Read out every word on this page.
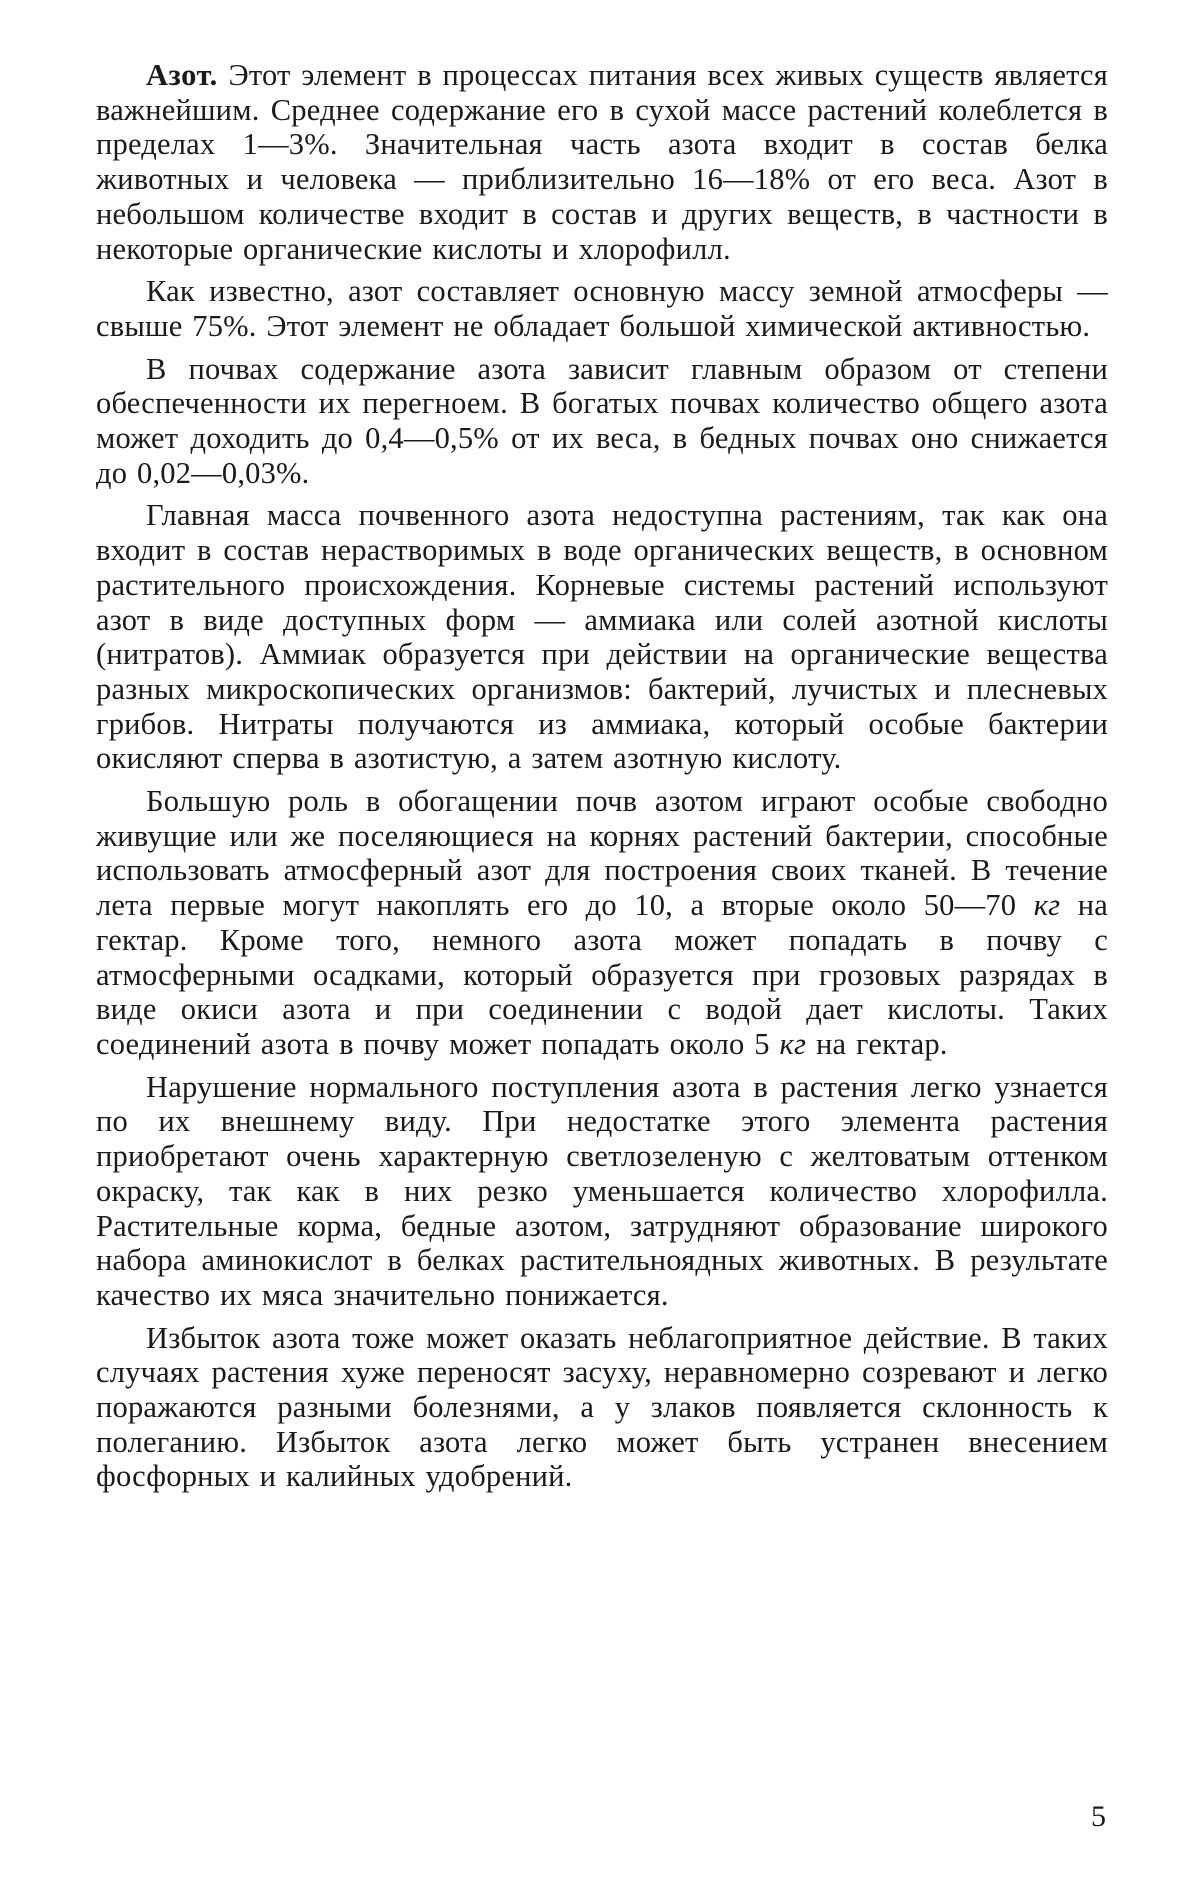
Азот. Этот элемент в процессах питания всех живых существ является важнейшим. Среднее содержание его в сухой массе растений колеблется в пределах 1—3%. Значительная часть азота входит в состав белка животных и человека — приблизительно 16—18% от его веса. Азот в небольшом количестве входит в состав и других веществ, в частности в некоторые органические кислоты и хлорофилл.

Как известно, азот составляет основную массу земной атмосферы — свыше 75%. Этот элемент не обладает большой химической активностью.

В почвах содержание азота зависит главным образом от степени обеспеченности их перегноем. В богатых почвах количество общего азота может доходить до 0,4—0,5% от их веса, в бедных почвах оно снижается до 0,02—0,03%.

Главная масса почвенного азота недоступна растениям, так как она входит в состав нерастворимых в воде органических веществ, в основном растительного происхождения. Корневые системы растений используют азот в виде доступных форм — аммиака или солей азотной кислоты (нитратов). Аммиак образуется при действии на органические вещества разных микроскопических организмов: бактерий, лучистых и плесневых грибов. Нитраты получаются из аммиака, который особые бактерии окисляют сперва в азотистую, а затем азотную кислоту.

Большую роль в обогащении почв азотом играют особые свободно живущие или же поселяющиеся на корнях растений бактерии, способные использовать атмосферный азот для построения своих тканей. В течение лета первые могут накоплять его до 10, а вторые около 50—70 кг на гектар. Кроме того, немного азота может попадать в почву с атмосферными осадками, который образуется при грозовых разрядах в виде окиси азота и при соединении с водой дает кислоты. Таких соединений азота в почву может попадать около 5 кг на гектар.

Нарушение нормального поступления азота в растения легко узнается по их внешнему виду. При недостатке этого элемента растения приобретают очень характерную светлозеленую с желтоватым оттенком окраску, так как в них резко уменьшается количество хлорофилла. Растительные корма, бедные азотом, затрудняют образование широкого набора аминокислот в белках растительноядных животных. В результате качество их мяса значительно понижается.

Избыток азота тоже может оказать неблагоприятное действие. В таких случаях растения хуже переносят засуху, неравномерно созревают и легко поражаются разными болезнями, а у злаков появляется склонность к полеганию. Избыток азота легко может быть устранен внесением фосфорных и калийных удобрений.

5
